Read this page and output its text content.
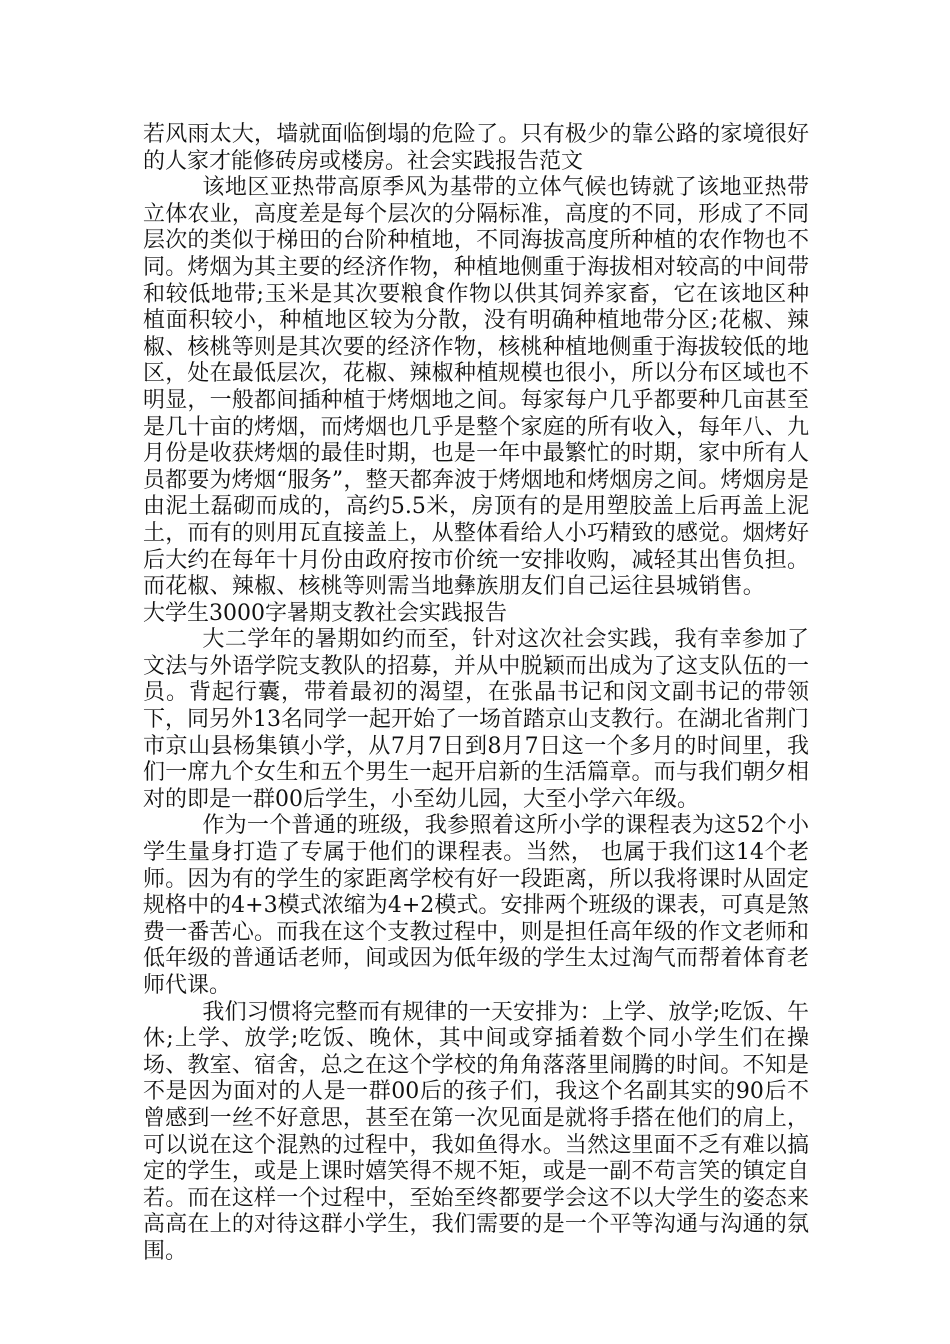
若风雨太大，墙就面临倒塌的危险了。只有极少的靠公路的家境很好的人家才能修砖房或楼房。社会实践报告范文

该地区亚热带高原季风为基带的立体气候也铸就了该地亚热带立体农业，高度差是每个层次的分隔标准，高度的不同，形成了不同层次的类似于梯田的台阶种植地，不同海拔高度所种植的农作物也不同。烤烟为其主要的经济作物，种植地侧重于海拔相对较高的中间带和较低地带;玉米是其次要粮食作物以供其饲养家畜，它在该地区种植面积较小，种植地区较为分散，没有明确种植地带分区;花椒、辣椒、核桃等则是其次要的经济作物，核桃种植地侧重于海拔较低的地区，处在最低层次，花椒、辣椒种植规模也很小，所以分布区域也不明显，一般都间插种植于烤烟地之间。每家每户几乎都要种几亩甚至是几十亩的烤烟，而烤烟也几乎是整个家庭的所有收入，每年八、九月份是收获烤烟的最佳时期，也是一年中最繁忙的时期，家中所有人员都要为烤烟“服务”，整天都奔波于烤烟地和烤烟房之间。烤烟房是由泥土磊砌而成的，高约5.5米，房顶有的是用塑胶盖上后再盖上泥土，而有的则用瓦直接盖上，从整体看给人小巧精致的感觉。烟烤好后大约在每年十月份由政府按市价统一安排收购，减轻其出售负担。而花椒、辣椒、核桃等则需当地彝族朋友们自己运往县城销售。大学生3000字暑期支教社会实践报告

大二学年的暑期如约而至，针对这次社会实践，我有幸参加了文法与外语学院支教队的招募，并从中脱颖而出成为了这支队伍的一员。背起行囊，带着最初的渴望，在张晶书记和闵文副书记的带领下，同另外13名同学一起开始了一场首踏京山支教行。在湖北省荆门市京山县杨集镇小学，从7月7日到8月7日这一个多月的时间里，我们一席九个女生和五个男生一起开启新的生活篇章。而与我们朝夕相对的即是一群00后学生，小至幼儿园，大至小学六年级。

作为一个普通的班级，我参照着这所小学的课程表为这52个小学生量身打造了专属于他们的课程表。当然， 也属于我们这14个老师。因为有的学生的家距离学校有好一段距离，所以我将课时从固定规格中的4+3模式浓缩为4+2模式。安排两个班级的课表，可真是煞费一番苦心。而我在这个支教过程中，则是担任高年级的作文老师和低年级的普通话老师，间或因为低年级的学生太过淘气而帮着体育老师代课。

我们习惯将完整而有规律的一天安排为：上学、放学;吃饭、午休;上学、放学;吃饭、晚休，其中间或穿插着数个同小学生们在操场、教室、宿舍，总之在这个学校的角角落落里闹腾的时间。不知是不是因为面对的人是一群00后的孩子们，我这个名副其实的90后不曾感到一丝不好意思，甚至在第一次见面是就将手搭在他们的肩上，可以说在这个混熟的过程中，我如鱼得水。当然这里面不乏有难以搞定的学生，或是上课时嬉笑得不规不矩，或是一副不苟言笑的镇定自若。而在这样一个过程中，至始至终都要学会这不以大学生的姿态来高高在上的对待这群小学生，我们需要的是一个平等沟通与沟通的氛围。
